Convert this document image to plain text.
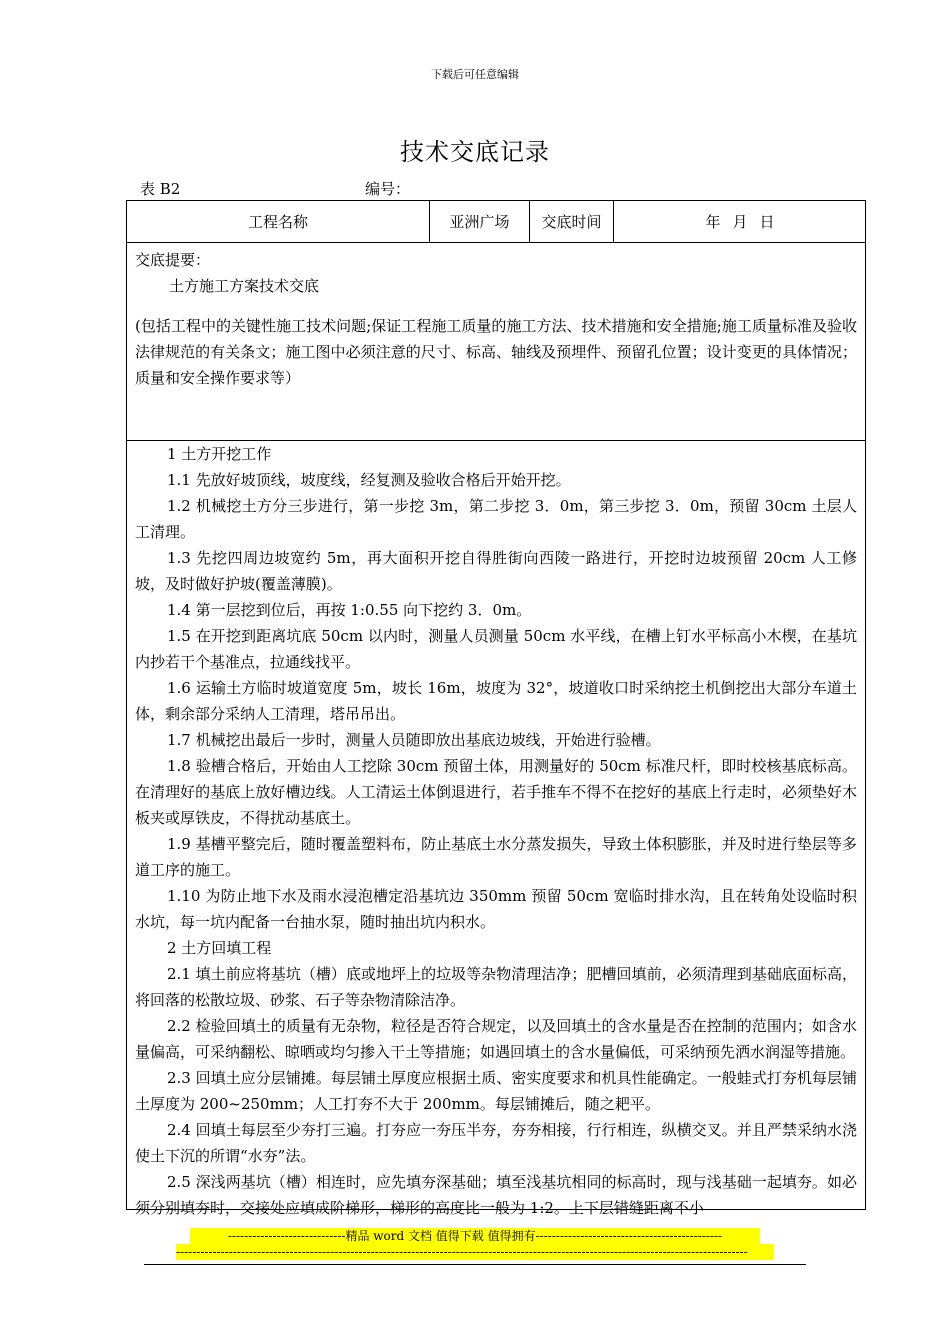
下载后可任意编辑
技术交底记录
表 B2	编号：
工程名称	亚洲广场	交底时间	年 月 日
交底提要：
土方施工方案技术交底
(包括工程中的关键性施工技术问题;保证工程施工质量的施工方法、技术措施和安全措施;施工质量标准及验收法律规范的有关条文；施工图中必须注意的尺寸、标高、轴线及预埋件、预留孔位置；设计变更的具体情况；质量和安全操作要求等）

1 土方开挖工作

1.1 先放好坡顶线，坡度线，经复测及验收合格后开始开挖。

1.2 机械挖土方分三步进行，第一步挖 3m，第二步挖 3．0m，第三步挖 3．0m，预留 30cm 土层人工清理。

1.3 先挖四周边坡宽约 5m，再大面积开挖自得胜街向西陵一路进行，开挖时边坡预留 20cm 人工修坡，及时做好护坡(覆盖薄膜)。

1.4 第一层挖到位后，再按 1:0.55 向下挖约 3．0m。

1.5 在开挖到距离坑底 50cm 以内时，测量人员测量 50cm 水平线，在槽上钉水平标高小木楔，在基坑内抄若干个基准点，拉通线找平。

1.6 运输土方临时坡道宽度 5m，坡长 16m，坡度为 32°，坡道收口时采纳挖土机倒挖出大部分车道土体，剩余部分采纳人工清理，塔吊吊出。

1.7 机械挖出最后一步时，测量人员随即放出基底边坡线，开始进行验槽。

1.8 验槽合格后，开始由人工挖除 30cm 预留土体，用测量好的 50cm 标准尺杆，即时校核基底标高。在清理好的基底上放好槽边线。人工清运土体倒退进行，若手推车不得不在挖好的基底上行走时，必须垫好木板夹或厚铁皮，不得扰动基底土。

1.9 基槽平整完后，随时覆盖塑料布，防止基底土水分蒸发损失，导致土体积膨胀，并及时进行垫层等多道工序的施工。

1.10 为防止地下水及雨水浸泡槽定沿基坑边 350mm 预留 50cm 宽临时排水沟，且在转角处设临时积水坑，每一坑内配备一台抽水泵，随时抽出坑内积水。

2 土方回填工程

2.1 填土前应将基坑（槽）底或地坪上的垃圾等杂物清理洁净；肥槽回填前，必须清理到基础底面标高，将回落的松散垃圾、砂浆、石子等杂物清除洁净。

2.2 检验回填土的质量有无杂物，粒径是否符合规定，以及回填土的含水量是否在控制的范围内；如含水量偏高，可采纳翻松、晾晒或均匀掺入干土等措施；如遇回填土的含水量偏低，可采纳预先洒水润湿等措施。

2.3 回填土应分层铺摊。每层铺土厚度应根据土质、密实度要求和机具性能确定。一般蛙式打夯机每层铺土厚度为 200~250mm；人工打夯不大于 200mm。每层铺摊后，随之耙平。

2.4 回填土每层至少夯打三遍。打夯应一夯压半夯，夯夯相接，行行相连，纵横交叉。并且严禁采纳水浇使土下沉的所谓“水夯”法。

2.5 深浅两基坑（槽）相连时，应先填夯深基础；填至浅基坑相同的标高时，现与浅基础一起填夯。如必须分别填夯时，交接处应填成阶梯形，梯形的高度比一般为 1:2。上下层错缝距离不小

-----------------------------精品 word 文档 值得下载 值得拥有----------------------------------------------
---------------------------------------------------------------------------------------------------------------------------------------------
